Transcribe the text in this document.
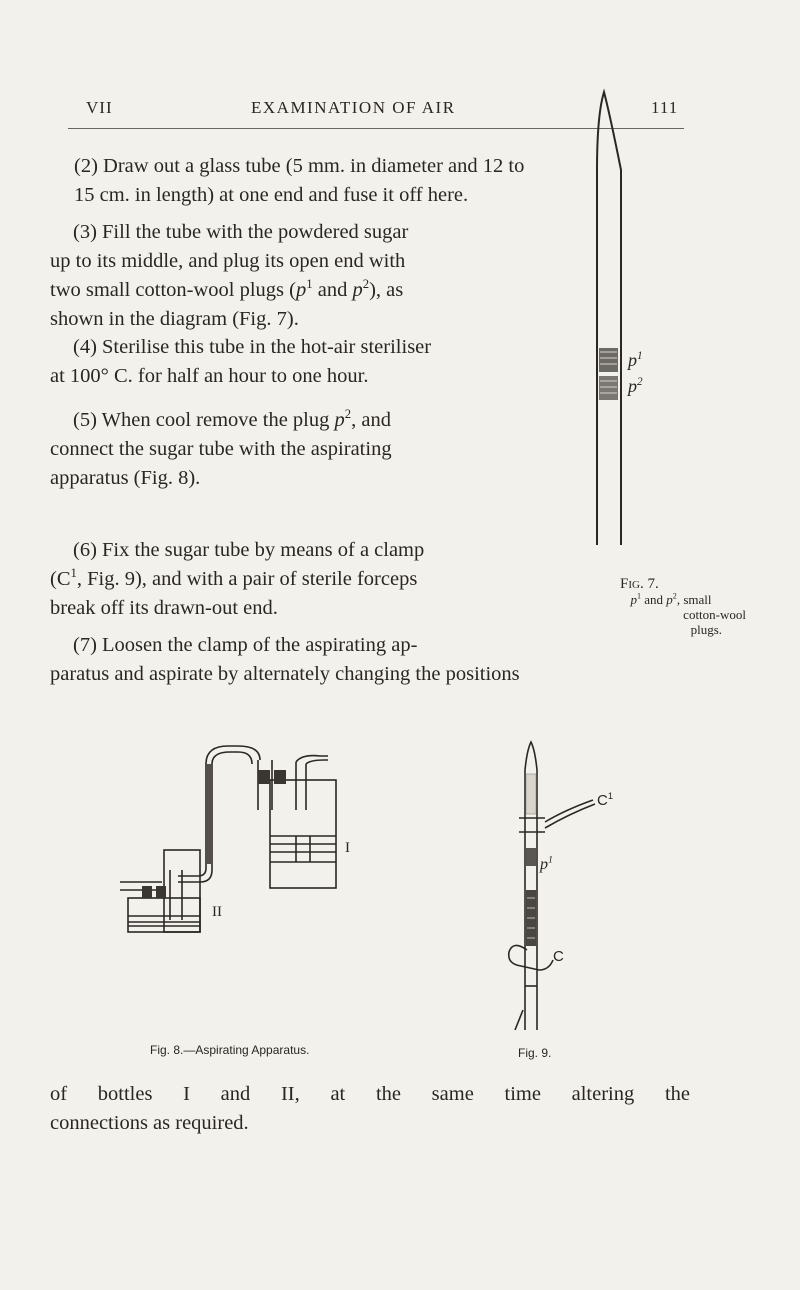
VII	EXAMINATION OF AIR	111
(2) Draw out a glass tube (5 mm. in diameter and 12 to
15 cm. in length) at one end and fuse it off here.
(3) Fill the tube with the powdered sugar
up to its middle, and plug its open end with
two small cotton-wool plugs ($p^1$ and $p^2$), as
shown in the diagram (Fig. 7).
(4) Sterilise this tube in the hot-air steriliser
at 100° C. for half an hour to one hour.
(5) When cool remove the plug $p^2$, and
connect the sugar tube with the aspirating
apparatus (Fig. 8).
(6) Fix the sugar tube by means of a clamp
($C^1$, Fig. 9), and with a pair of sterile forceps
break off its drawn-out end.
(7) Loosen the clamp of the aspirating ap-
paratus and aspirate by alternately changing the positions
$p^1$
$p^2$
Fig. 7.
$p^1$ and $p^2$, small
cotton-wool
plugs.
I
II
Fig. 8.—Aspirating Apparatus.
$C^1$
$p^1$
C
Fig. 9.
of bottles I and II, at the same time altering the
connections as required.
